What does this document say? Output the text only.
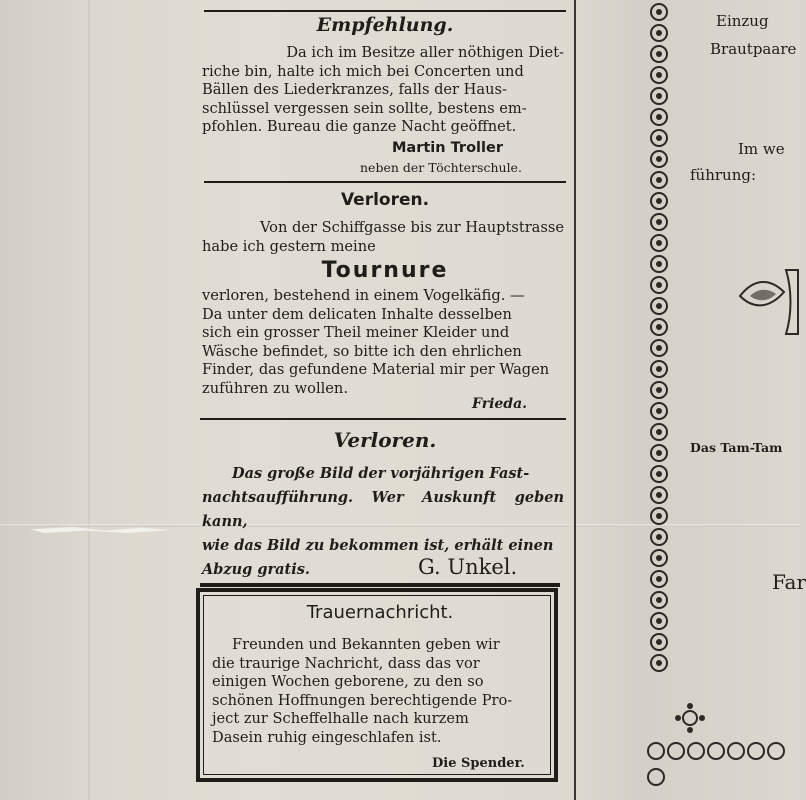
Empfehlung.
Da ich im Besitze aller nöthigen Diet-
riche bin, halte ich mich bei Concerten und
Bällen des Liederkranzes, falls der Haus-
schlüssel vergessen sein sollte, bestens em-
pfohlen. Bureau die ganze Nacht geöffnet.
Martin Troller
neben der Töchterschule.
Verloren.
Von der Schiffgasse bis zur Hauptstrasse
habe ich gestern meine
Tournure
verloren, bestehend in einem Vogelkäfig. —
Da unter dem delicaten Inhalte desselben
sich ein grosser Theil meiner Kleider und
Wäsche befindet, so bitte ich den ehrlichen
Finder, das gefundene Material mir per Wagen
zuführen zu wollen.
Frieda.
Verloren.
Das große Bild der vorjährigen Fast-
nachtsaufführung. Wer Auskunft geben kann,
wie das Bild zu bekommen ist, erhält einen
Abzug gratis.	G. Unkel.
Trauernachricht.
Freunden und Bekannten geben wir
die traurige Nachricht, dass das vor
einigen Wochen geborene, zu den so
schönen Hoffnungen berechtigende Pro-
ject zur Scheffelhalle nach kurzem
Dasein ruhig eingeschlafen ist.
Die Spender.
Einzug
Brautpaare
Im we
führung:
Das Tam-Tam
Far
